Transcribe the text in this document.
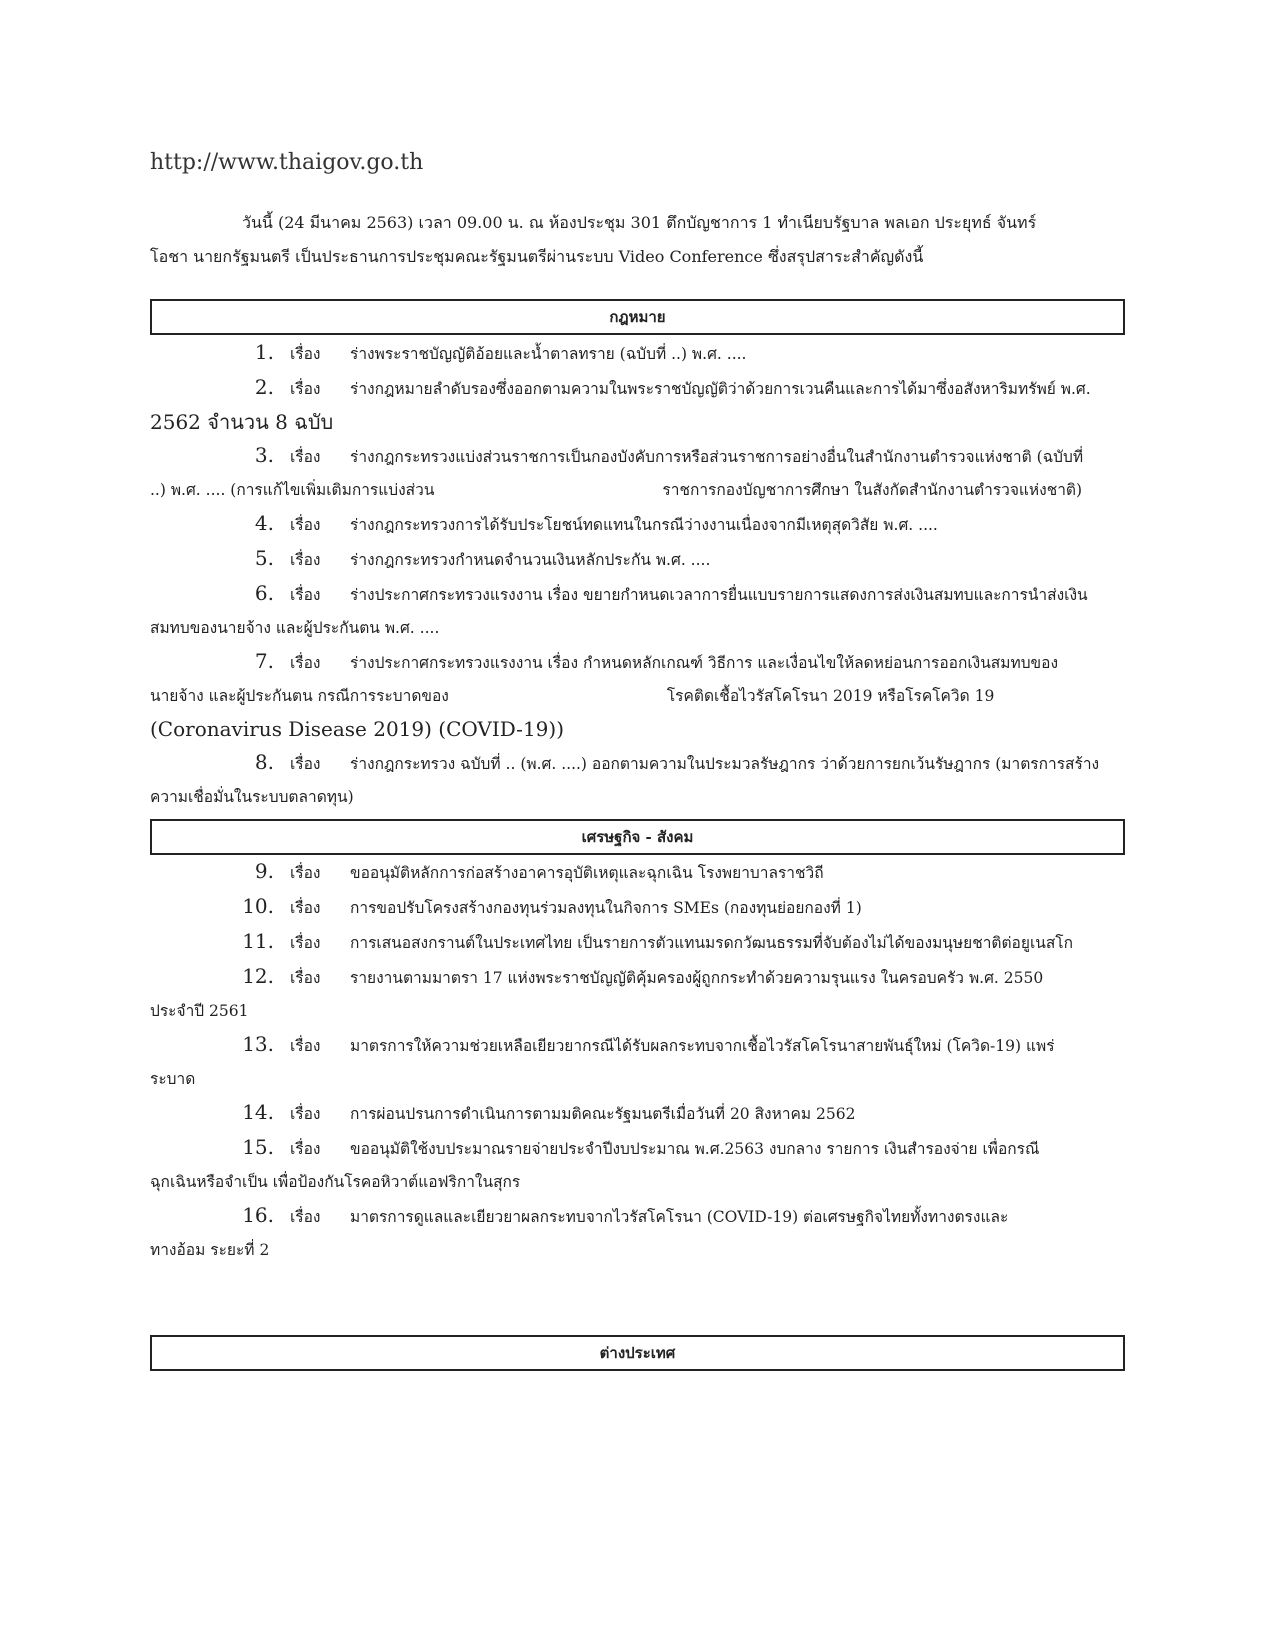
http://www.thaigov.go.th
วันนี้ (24 มีนาคม 2563) เวลา 09.00 น. ณ ห้องประชุม 301 ตึกบัญชาการ 1 ทำเนียบรัฐบาล พลเอก ประยุทธ์ จันทร์
โอชา นายกรัฐมนตรี เป็นประธานการประชุมคณะรัฐมนตรีผ่านระบบ Video Conference ซึ่งสรุปสาระสำคัญดังนี้
กฎหมาย
1. เรื่อง ร่างพระราชบัญญัติอ้อยและน้ำตาลทราย (ฉบับที่ ..) พ.ศ. ....
2. เรื่อง ร่างกฎหมายลำดับรองซึ่งออกตามความในพระราชบัญญัติว่าด้วยการเวนคืนและการได้มาซึ่งอสังหาริมทรัพย์ พ.ศ.
2562 จำนวน 8 ฉบับ
3. เรื่อง ร่างกฎกระทรวงแบ่งส่วนราชการเป็นกองบังคับการหรือส่วนราชการอย่างอื่นในสำนักงานตำรวจแห่งชาติ (ฉบับที่
..) พ.ศ. .... (การแก้ไขเพิ่มเติมการแบ่งส่วน	ราชการกองบัญชาการศึกษา ในสังกัดสำนักงานตำรวจแห่งชาติ)
4. เรื่อง ร่างกฎกระทรวงการได้รับประโยชน์ทดแทนในกรณีว่างงานเนื่องจากมีเหตุสุดวิสัย พ.ศ. ....
5. เรื่อง ร่างกฎกระทรวงกำหนดจำนวนเงินหลักประกัน พ.ศ. ....
6. เรื่อง ร่างประกาศกระทรวงแรงงาน เรื่อง ขยายกำหนดเวลาการยื่นแบบรายการแสดงการส่งเงินสมทบและการนำส่งเงิน
สมทบของนายจ้าง และผู้ประกันตน พ.ศ. ....
7. เรื่อง ร่างประกาศกระทรวงแรงงาน เรื่อง กำหนดหลักเกณฑ์ วิธีการ และเงื่อนไขให้ลดหย่อนการออกเงินสมทบของ
นายจ้าง และผู้ประกันตน กรณีการระบาดของ	โรคติดเชื้อไวรัสโคโรนา 2019 หรือโรคโควิด 19
(Coronavirus Disease 2019) (COVID-19))
8. เรื่อง ร่างกฎกระทรวง ฉบับที่ .. (พ.ศ. ....) ออกตามความในประมวลรัษฎากร ว่าด้วยการยกเว้นรัษฎากร (มาตรการสร้าง
ความเชื่อมั่นในระบบตลาดทุน)
เศรษฐกิจ - สังคม
9. เรื่อง ขออนุมัติหลักการก่อสร้างอาคารอุบัติเหตุและฉุกเฉิน โรงพยาบาลราชวิถี
10. เรื่อง การขอปรับโครงสร้างกองทุนร่วมลงทุนในกิจการ SMEs (กองทุนย่อยกองที่ 1)
11. เรื่อง การเสนอสงกรานต์ในประเทศไทย เป็นรายการตัวแทนมรดกวัฒนธรรมที่จับต้องไม่ได้ของมนุษยชาติต่อยูเนสโก
12. เรื่อง รายงานตามมาตรา 17 แห่งพระราชบัญญัติคุ้มครองผู้ถูกกระทำด้วยความรุนแรง ในครอบครัว พ.ศ. 2550
ประจำปี 2561
13. เรื่อง มาตรการให้ความช่วยเหลือเยียวยากรณีได้รับผลกระทบจากเชื้อไวรัสโคโรนาสายพันธุ์ใหม่ (โควิด-19) แพร่
ระบาด
14. เรื่อง การผ่อนปรนการดำเนินการตามมติคณะรัฐมนตรีเมื่อวันที่ 20 สิงหาคม 2562
15. เรื่อง ขออนุมัติใช้งบประมาณรายจ่ายประจำปีงบประมาณ พ.ศ.2563 งบกลาง รายการ เงินสำรองจ่าย เพื่อกรณี
ฉุกเฉินหรือจำเป็น เพื่อป้องกันโรคอหิวาต์แอฟริกาในสุกร
16. เรื่อง มาตรการดูแลและเยียวยาผลกระทบจากไวรัสโคโรนา (COVID-19) ต่อเศรษฐกิจไทยทั้งทางตรงและ
ทางอ้อม ระยะที่ 2
ต่างประเทศ
